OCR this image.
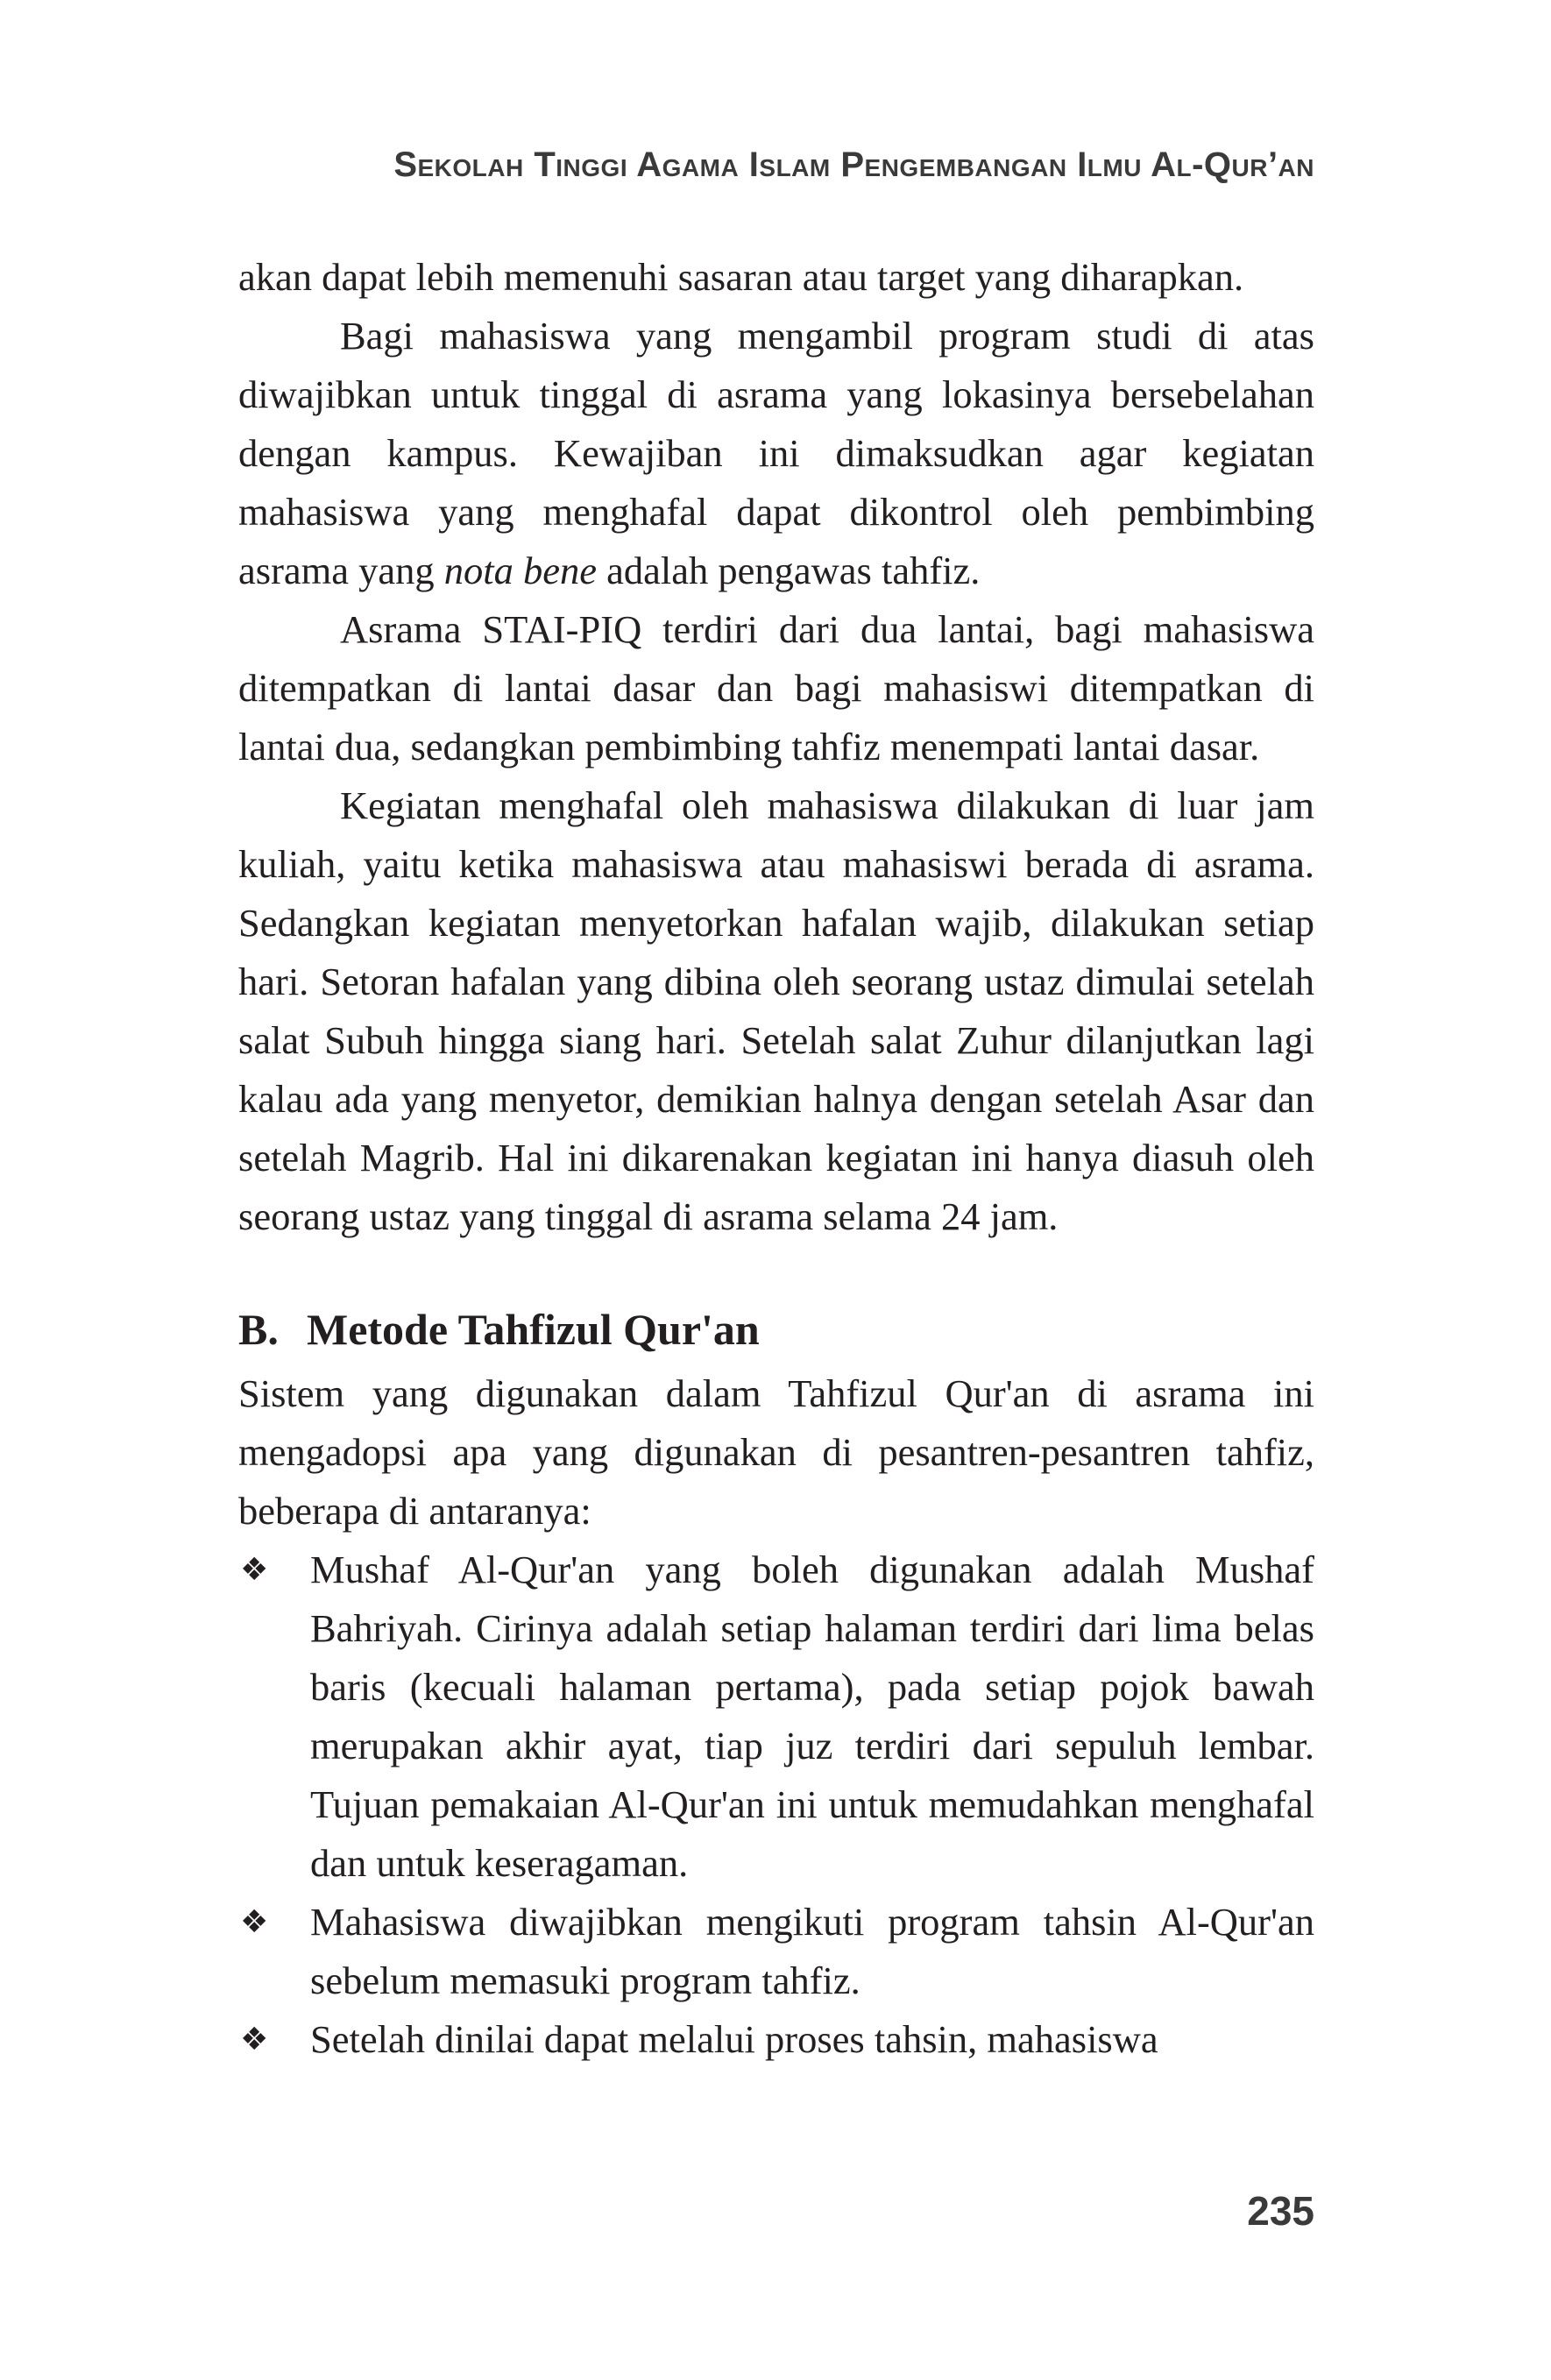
Sekolah Tinggi Agama Islam Pengembangan Ilmu Al-Qur’an

akan dapat lebih memenuhi sasaran atau target yang diharapkan.

Bagi mahasiswa yang mengambil program studi di atas diwajibkan untuk tinggal di asrama yang lokasinya bersebelahan dengan kampus. Kewajiban ini dimaksudkan agar kegiatan mahasiswa yang menghafal dapat dikontrol oleh pembimbing asrama yang nota bene adalah pengawas tahfiz.

Asrama STAI-PIQ terdiri dari dua lantai, bagi mahasiswa ditempatkan di lantai dasar dan bagi mahasiswi ditempatkan di lantai dua, sedangkan pembimbing tahfiz menempati lantai dasar.

Kegiatan menghafal oleh mahasiswa dilakukan di luar jam kuliah, yaitu ketika mahasiswa atau mahasiswi berada di asrama. Sedangkan kegiatan menyetorkan hafalan wajib, dilakukan setiap hari. Setoran hafalan yang dibina oleh seorang ustaz dimulai setelah salat Subuh hingga siang hari. Setelah salat Zuhur dilanjutkan lagi kalau ada yang menyetor, demikian halnya dengan setelah Asar dan setelah Magrib. Hal ini dikarenakan kegiatan ini hanya diasuh oleh seorang ustaz yang tinggal di asrama selama 24 jam.

B. Metode Tahfizul Qur'an

Sistem yang digunakan dalam Tahfizul Qur'an di asrama ini mengadopsi apa yang digunakan di pesantren-pesantren tahfiz, beberapa di antaranya:

❖ Mushaf Al-Qur'an yang boleh digunakan adalah Mushaf Bahriyah. Cirinya adalah setiap halaman terdiri dari lima belas baris (kecuali halaman pertama), pada setiap pojok bawah merupakan akhir ayat, tiap juz terdiri dari sepuluh lembar. Tujuan pemakaian Al-Qur'an ini untuk memudahkan menghafal dan untuk keseragaman.
❖ Mahasiswa diwajibkan mengikuti program tahsin Al-Qur'an sebelum memasuki program tahfiz.
❖ Setelah dinilai dapat melalui proses tahsin, mahasiswa
235
